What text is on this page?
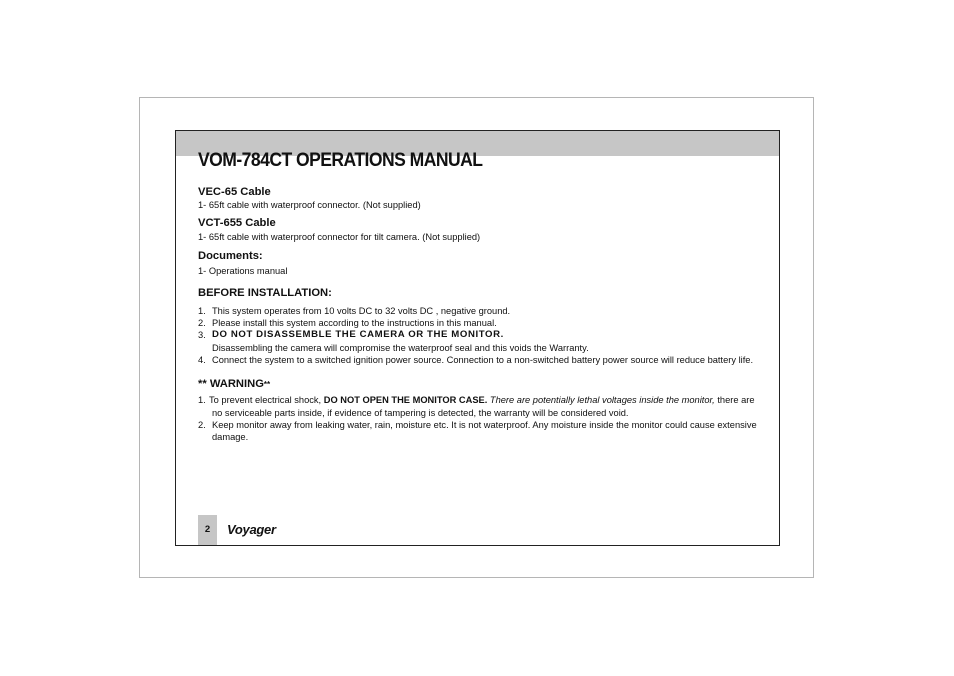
VOM-784CT OPERATIONS MANUAL
VEC-65 Cable
1- 65ft cable with waterproof connector. (Not supplied)
VCT-655 Cable
1- 65ft cable with waterproof connector for tilt camera. (Not supplied)
Documents:
1- Operations manual
BEFORE INSTALLATION:
1. This system operates from 10 volts DC to 32 volts DC , negative ground.
2. Please install this system according to the instructions in this manual.
3. DO NOT DISASSEMBLE THE CAMERA OR THE MONITOR.
Disassembling the camera will compromise the waterproof seal and this voids the Warranty.
4. Connect the system to a switched ignition power source. Connection to a non-switched battery power source will reduce battery life.
** WARNING**
1. To prevent electrical shock, DO NOT OPEN THE MONITOR CASE. There are potentially lethal voltages inside the monitor, there are no serviceable parts inside, if evidence of tampering is detected, the warranty will be considered void.
2. Keep monitor away from leaking water, rain, moisture etc. It is not waterproof. Any moisture inside the monitor could cause extensive damage.
2	Voyager
